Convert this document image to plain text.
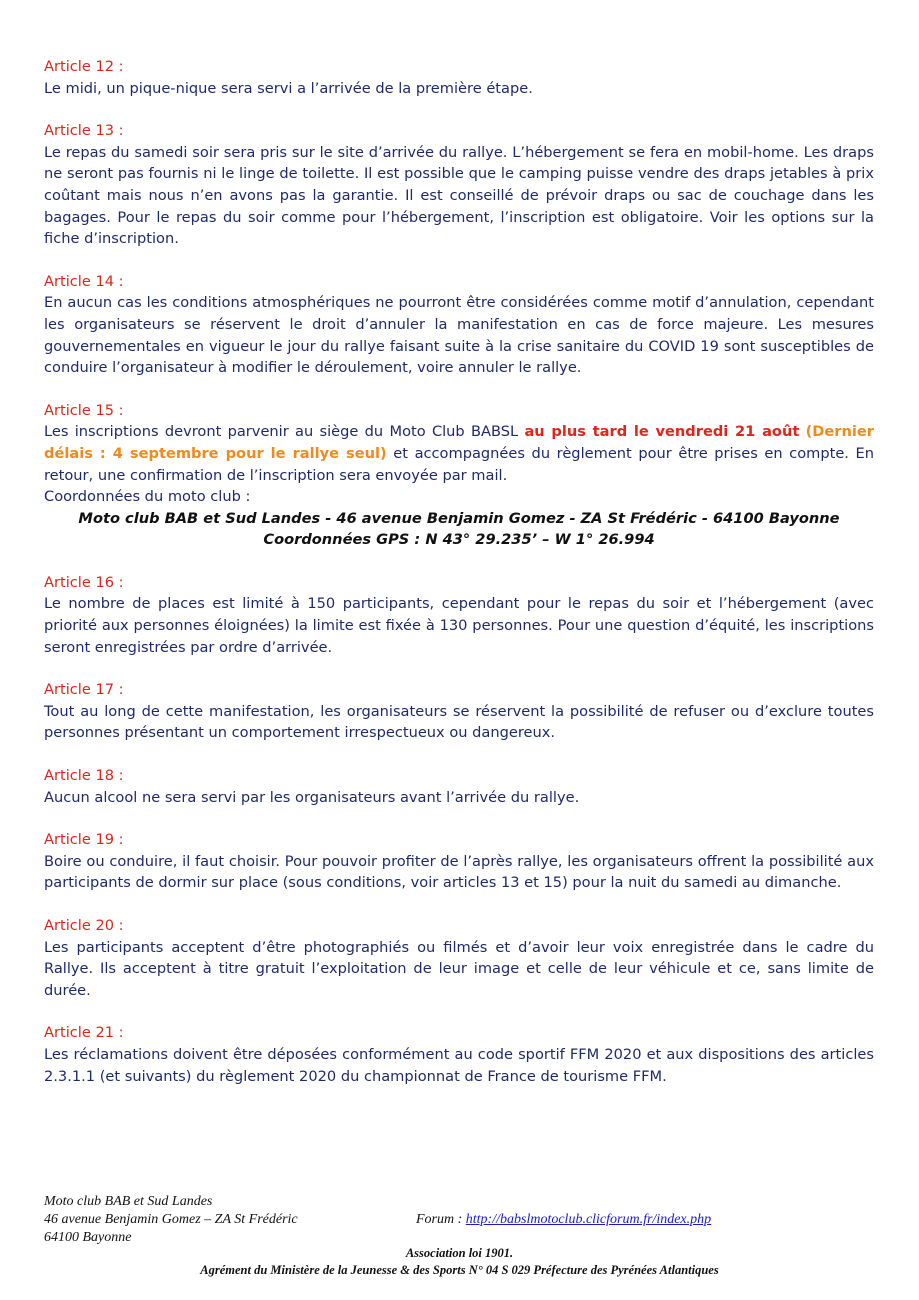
Article 12 :
Le midi, un pique-nique sera servi a l’arrivée de la première étape.
Article 13 :
Le repas du samedi soir sera pris sur le site d’arrivée du rallye. L’hébergement se fera en mobil-home. Les draps ne seront pas fournis ni le linge de toilette. Il est possible que le camping puisse vendre des draps jetables à prix coûtant mais nous n’en avons pas la garantie. Il est conseillé de prévoir draps ou sac de couchage dans les bagages. Pour le repas du soir comme pour l’hébergement, l’inscription est obligatoire. Voir les options sur la fiche d’inscription.
Article 14 :
En aucun cas les conditions atmosphériques ne pourront être considérées comme motif d’annulation, cependant les organisateurs se réservent le droit d’annuler la manifestation en cas de force majeure. Les mesures gouvernementales en vigueur le jour du rallye faisant suite à la crise sanitaire du COVID 19 sont susceptibles de conduire l’organisateur à modifier le déroulement, voire annuler le rallye.
Article 15 :

Les inscriptions devront parvenir au siège du Moto Club BABSL au plus tard le vendredi 21 août (Dernier délais : 4 septembre pour le rallye seul) et accompagnées du règlement pour être prises en compte. En retour, une confirmation de l’inscription sera envoyée par mail.

Coordonnées du moto club :

Moto club BAB et Sud Landes - 46 avenue Benjamin Gomez - ZA St Frédéric - 64100 Bayonne
Coordonnées GPS : N 43° 29.235’ – W 1° 26.994
Article 16 :
Le nombre de places est limité à 150 participants, cependant pour le repas du soir et l’hébergement (avec priorité aux personnes éloignées) la limite est fixée à 130 personnes. Pour une question d’équité, les inscriptions seront enregistrées par ordre d’arrivée.
Article 17 :
Tout au long de cette manifestation, les organisateurs se réservent la possibilité de refuser ou d’exclure toutes personnes présentant un comportement irrespectueux ou dangereux.
Article 18 :
Aucun alcool ne sera servi par les organisateurs avant l’arrivée du rallye.
Article 19 :
Boire ou conduire, il faut choisir. Pour pouvoir profiter de l’après rallye, les organisateurs offrent la possibilité aux participants de dormir sur place (sous conditions, voir articles 13 et 15) pour la nuit du samedi au dimanche.
Article 20 :
Les participants acceptent d’être photographiés ou filmés et d’avoir leur voix enregistrée dans le cadre du Rallye. Ils acceptent à titre gratuit l’exploitation de leur image et celle de leur véhicule et ce, sans limite de durée.
Article 21 :
Les réclamations doivent être déposées conformément au code sportif FFM 2020 et aux dispositions des articles 2.3.1.1 (et suivants) du règlement 2020 du championnat de France de tourisme FFM.
Moto club BAB et Sud Landes
46 avenue Benjamin Gomez – ZA St Frédéric
64100 Bayonne
Forum : http://babslmotoclub.clicforum.fr/index.php
Association loi 1901.
Agrément du Ministère de la Jeunesse & des Sports N° 04 S 029 Préfecture des Pyrénées Atlantiques
